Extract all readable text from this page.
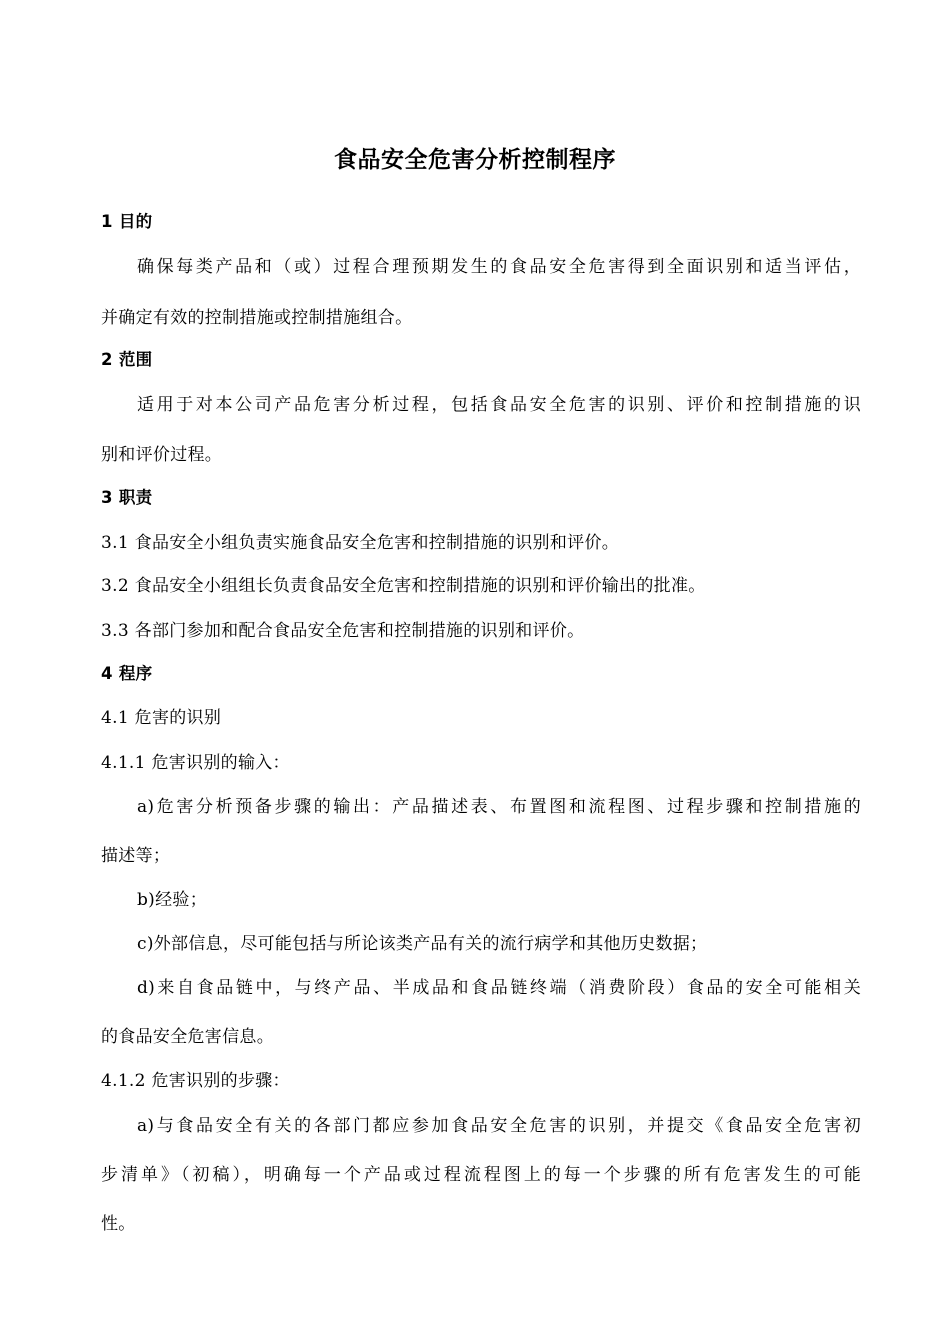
食品安全危害分析控制程序
1 目的
确保每类产品和（或）过程合理预期发生的食品安全危害得到全面识别和适当评估，
并确定有效的控制措施或控制措施组合。
2 范围
适用于对本公司产品危害分析过程，包括食品安全危害的识别、评价和控制措施的识
别和评价过程。
3 职责
3.1 食品安全小组负责实施食品安全危害和控制措施的识别和评价。
3.2 食品安全小组组长负责食品安全危害和控制措施的识别和评价输出的批准。
3.3 各部门参加和配合食品安全危害和控制措施的识别和评价。
4 程序
4.1 危害的识别
4.1.1 危害识别的输入：
a)危害分析预备步骤的输出：产品描述表、布置图和流程图、过程步骤和控制措施的
描述等；
b)经验；
c)外部信息，尽可能包括与所论该类产品有关的流行病学和其他历史数据；
d)来自食品链中，与终产品、半成品和食品链终端（消费阶段）食品的安全可能相关
的食品安全危害信息。
4.1.2 危害识别的步骤：
a)与食品安全有关的各部门都应参加食品安全危害的识别，并提交《食品安全危害初
步清单》（初稿），明确每一个产品或过程流程图上的每一个步骤的所有危害发生的可能
性。
